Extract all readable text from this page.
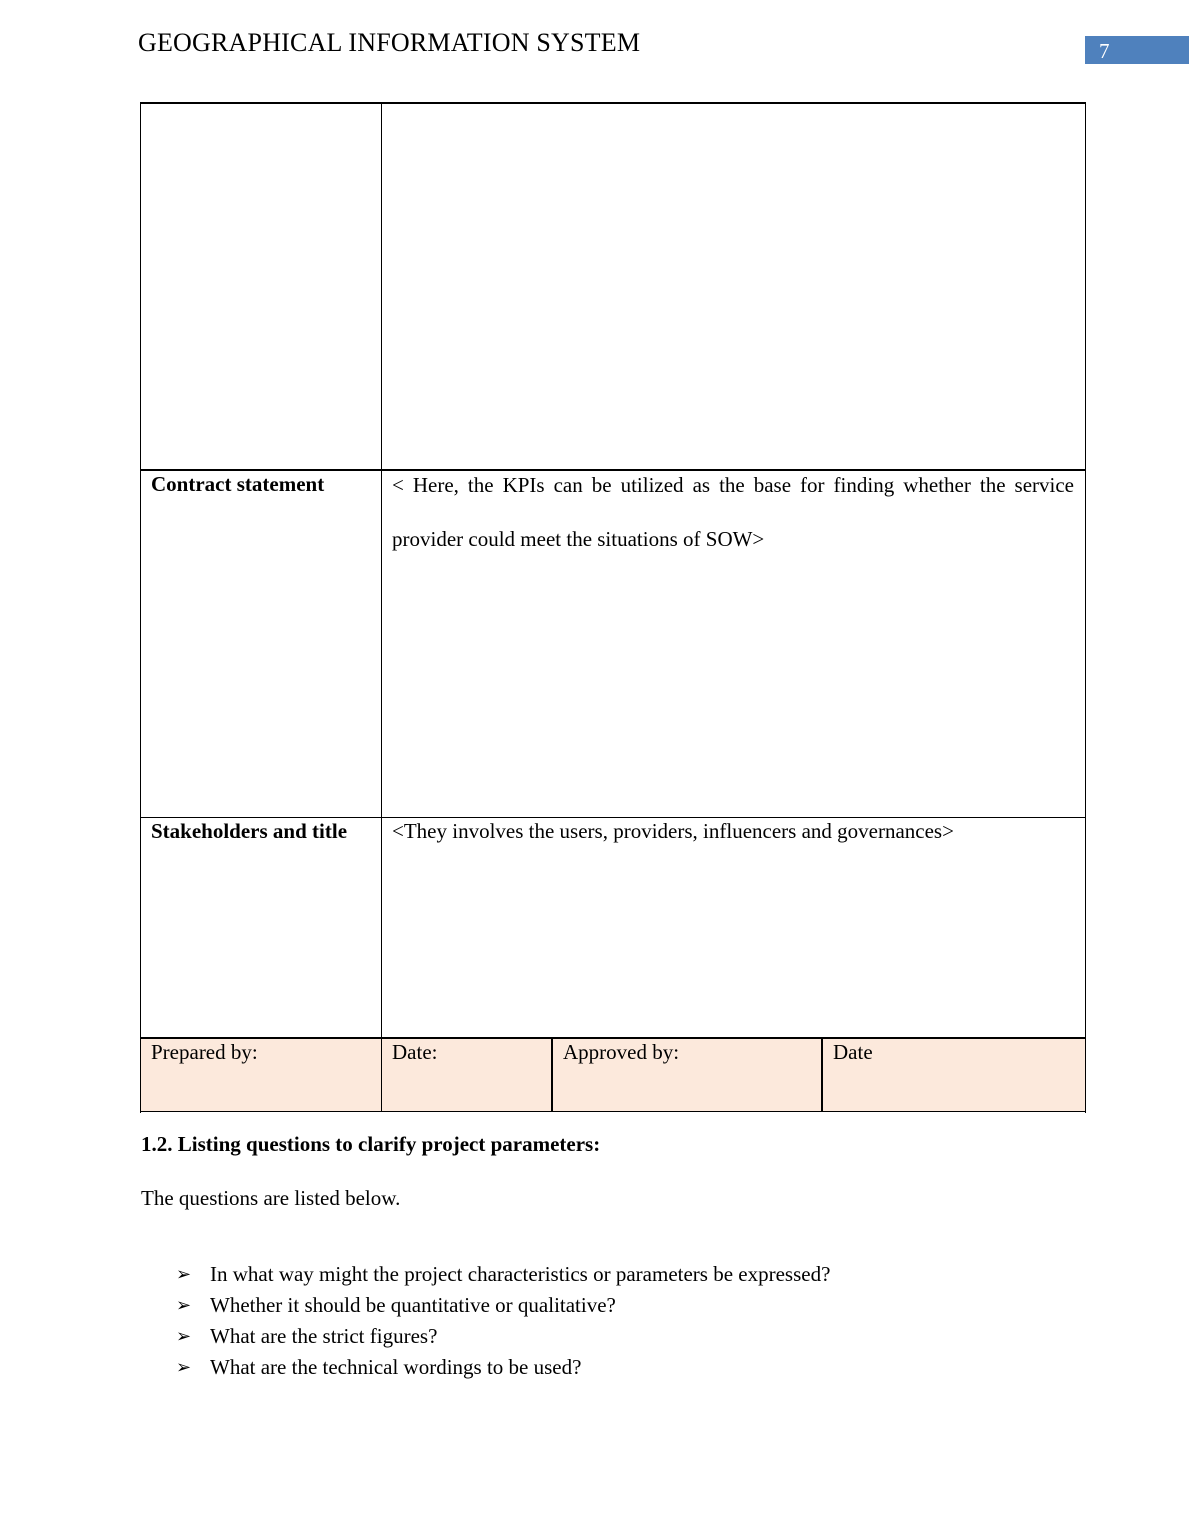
GEOGRAPHICAL INFORMATION SYSTEM	7
Contract statement	< Here, the KPIs can be utilized as the base for finding whether the service provider could meet the situations of SOW>
Stakeholders and title	<They involves the users, providers, influencers and governances>
Prepared by:	Date:	Approved by:	Date
1.2. Listing questions to clarify project parameters:
The questions are listed below.
➢ In what way might the project characteristics or parameters be expressed?
➢ Whether it should be quantitative or qualitative?
➢ What are the strict figures?
➢ What are the technical wordings to be used?
